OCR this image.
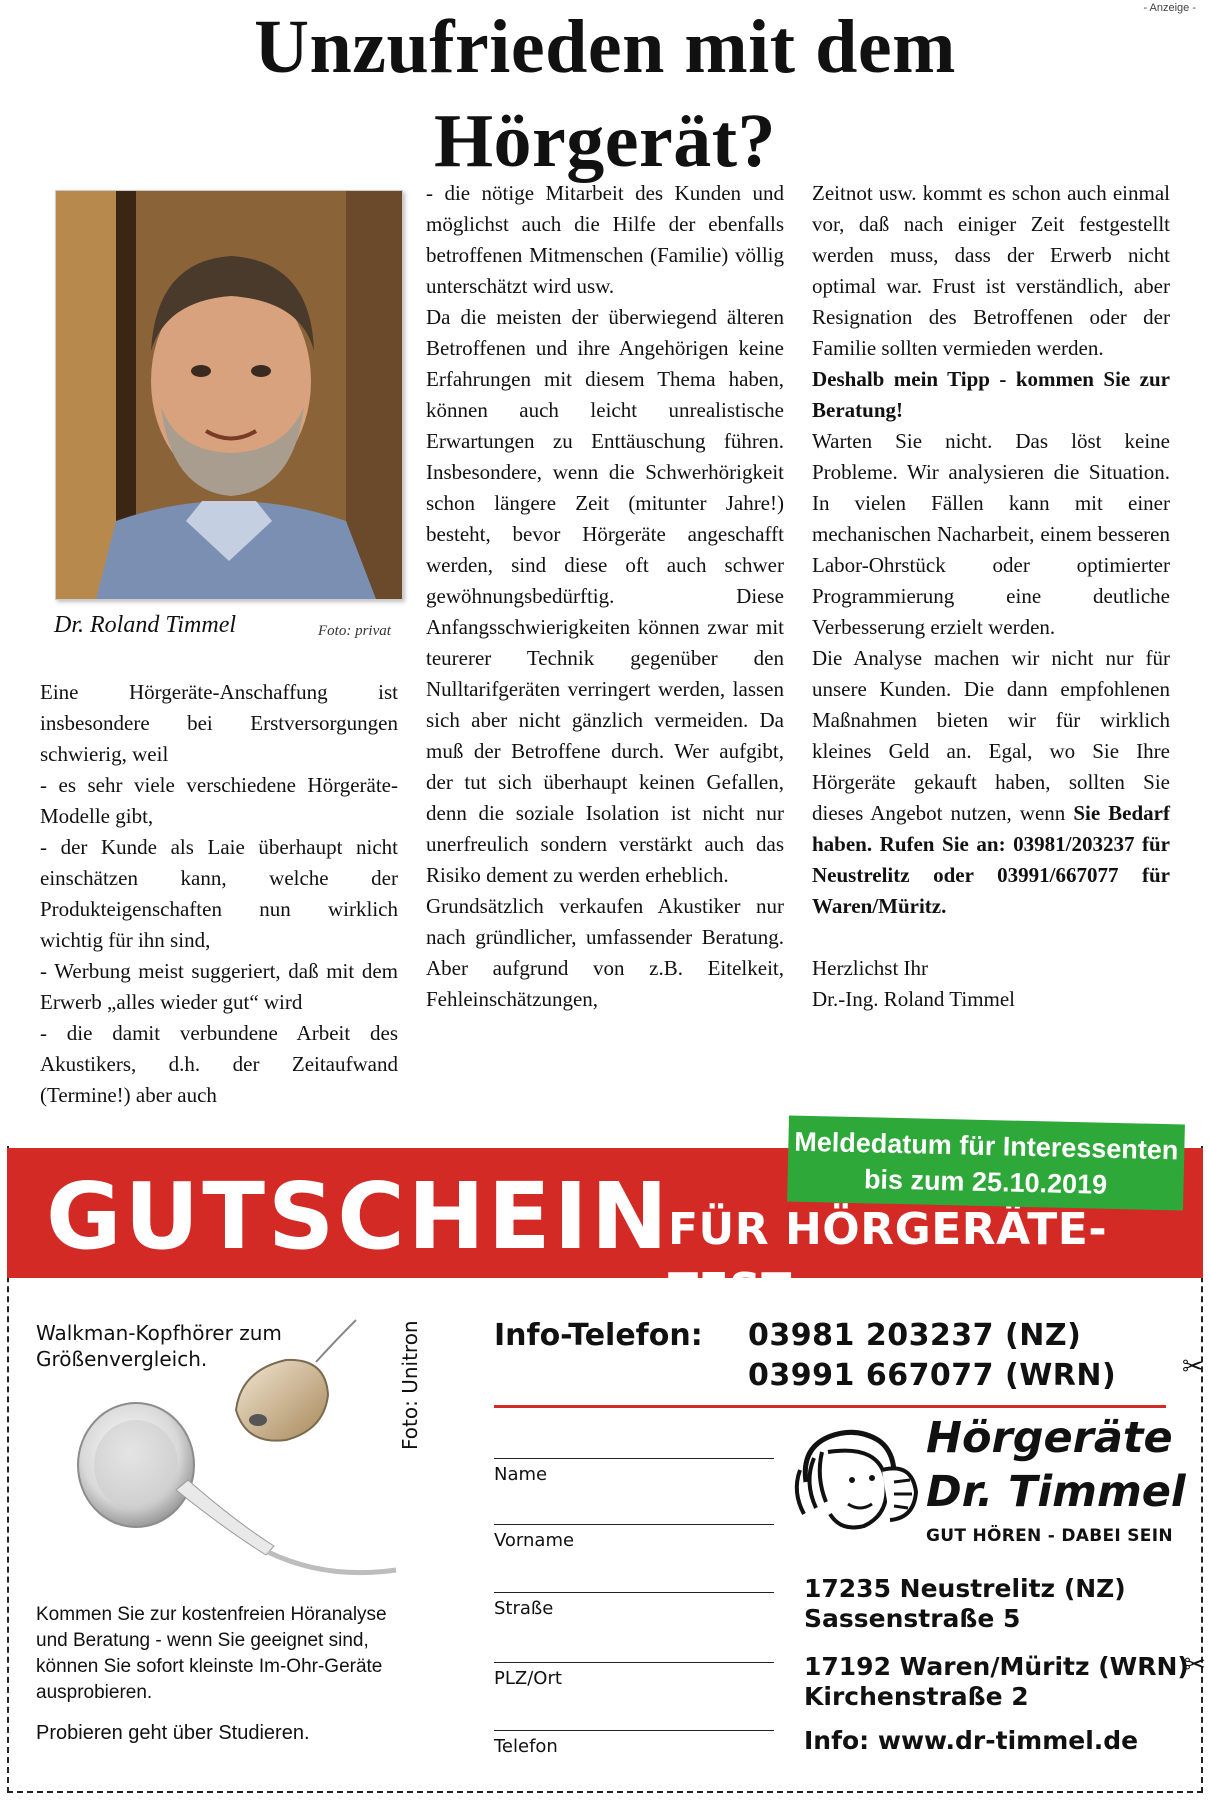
- Anzeige -
Unzufrieden mit dem
Hörgerät?
Dr. Roland Timmel	Foto: privat

Eine Hörgeräte-Anschaffung ist insbesondere bei Erstversorgungen schwierig, weil

- es sehr viele verschiedene Hörgeräte-Modelle gibt,

- der Kunde als Laie überhaupt nicht einschätzen kann, welche der Produkteigenschaften nun wirklich wichtig für ihn sind,

- Werbung meist suggeriert, daß mit dem Erwerb „alles wieder gut“ wird

- die damit verbundene Arbeit des Akustikers, d.h. der Zeitaufwand (Termine!) aber auch

- die nötige Mitarbeit des Kunden und möglichst auch die Hilfe der ebenfalls betroffenen Mitmenschen (Familie) völlig unterschätzt wird usw.

Da die meisten der überwiegend älteren Betroffenen und ihre Angehörigen keine Erfahrungen mit diesem Thema haben, können auch leicht unrealistische Erwartungen zu Enttäuschung führen. Insbesondere, wenn die Schwerhörigkeit schon längere Zeit (mitunter Jahre!) besteht, bevor Hörgeräte angeschafft werden, sind diese oft auch schwer gewöhnungsbedürftig. Diese Anfangsschwierigkeiten können zwar mit teurerer Technik gegenüber den Nulltarifgeräten verringert werden, lassen sich aber nicht gänzlich vermeiden. Da muß der Betroffene durch. Wer aufgibt, der tut sich überhaupt keinen Gefallen, denn die soziale Isolation ist nicht nur unerfreulich sondern verstärkt auch das Risiko dement zu werden erheblich.

Grundsätzlich verkaufen Akustiker nur nach gründlicher, umfassender Beratung. Aber aufgrund von z.B. Eitelkeit, Fehleinschätzungen,

Zeitnot usw. kommt es schon auch einmal vor, daß nach einiger Zeit festgestellt werden muss, dass der Erwerb nicht optimal war. Frust ist verständlich, aber Resignation des Betroffenen oder der Familie sollten vermieden werden.

Deshalb mein Tipp - kommen Sie zur Beratung!

Warten Sie nicht. Das löst keine Probleme. Wir analysieren die Situation. In vielen Fällen kann mit einer mechanischen Nacharbeit, einem besseren Labor-Ohrstück oder optimierter Programmierung eine deutliche Verbesserung erzielt werden.

Die Analyse machen wir nicht nur für unsere Kunden. Die dann empfohlenen Maßnahmen bieten wir für wirklich kleines Geld an. Egal, wo Sie Ihre Hörgeräte gekauft haben, sollten Sie dieses Angebot nutzen, wenn Sie Bedarf haben. Rufen Sie an: 03981/203237 für Neustrelitz oder 03991/667077 für Waren/Müritz.

Herzlichst Ihr

Dr.-Ing. Roland Timmel

GUTSCHEIN
FÜR HÖRGERÄTE-TEST
Meldedatum für Interessenten
bis zum 25.10.2019
Walkman-Kopfhörer zum Größenvergleich.	Foto: Unitron
Kommen Sie zur kostenfreien Höranalyse und Beratung - wenn Sie geeignet sind, können Sie sofort kleinste Im-Ohr-Geräte ausprobieren.
Probieren geht über Studieren.
Info-Telefon: 03981 203237 (NZ)
03991 667077 (WRN)
Name
Vorname
Straße
PLZ/Ort
Telefon
Hörgeräte
Dr. Timmel
GUT HÖREN - DABEI SEIN
17235 Neustrelitz (NZ)
Sassenstraße 5
17192 Waren/Müritz (WRN)
Kirchenstraße 2
Info: www.dr-timmel.de
✂
✂
